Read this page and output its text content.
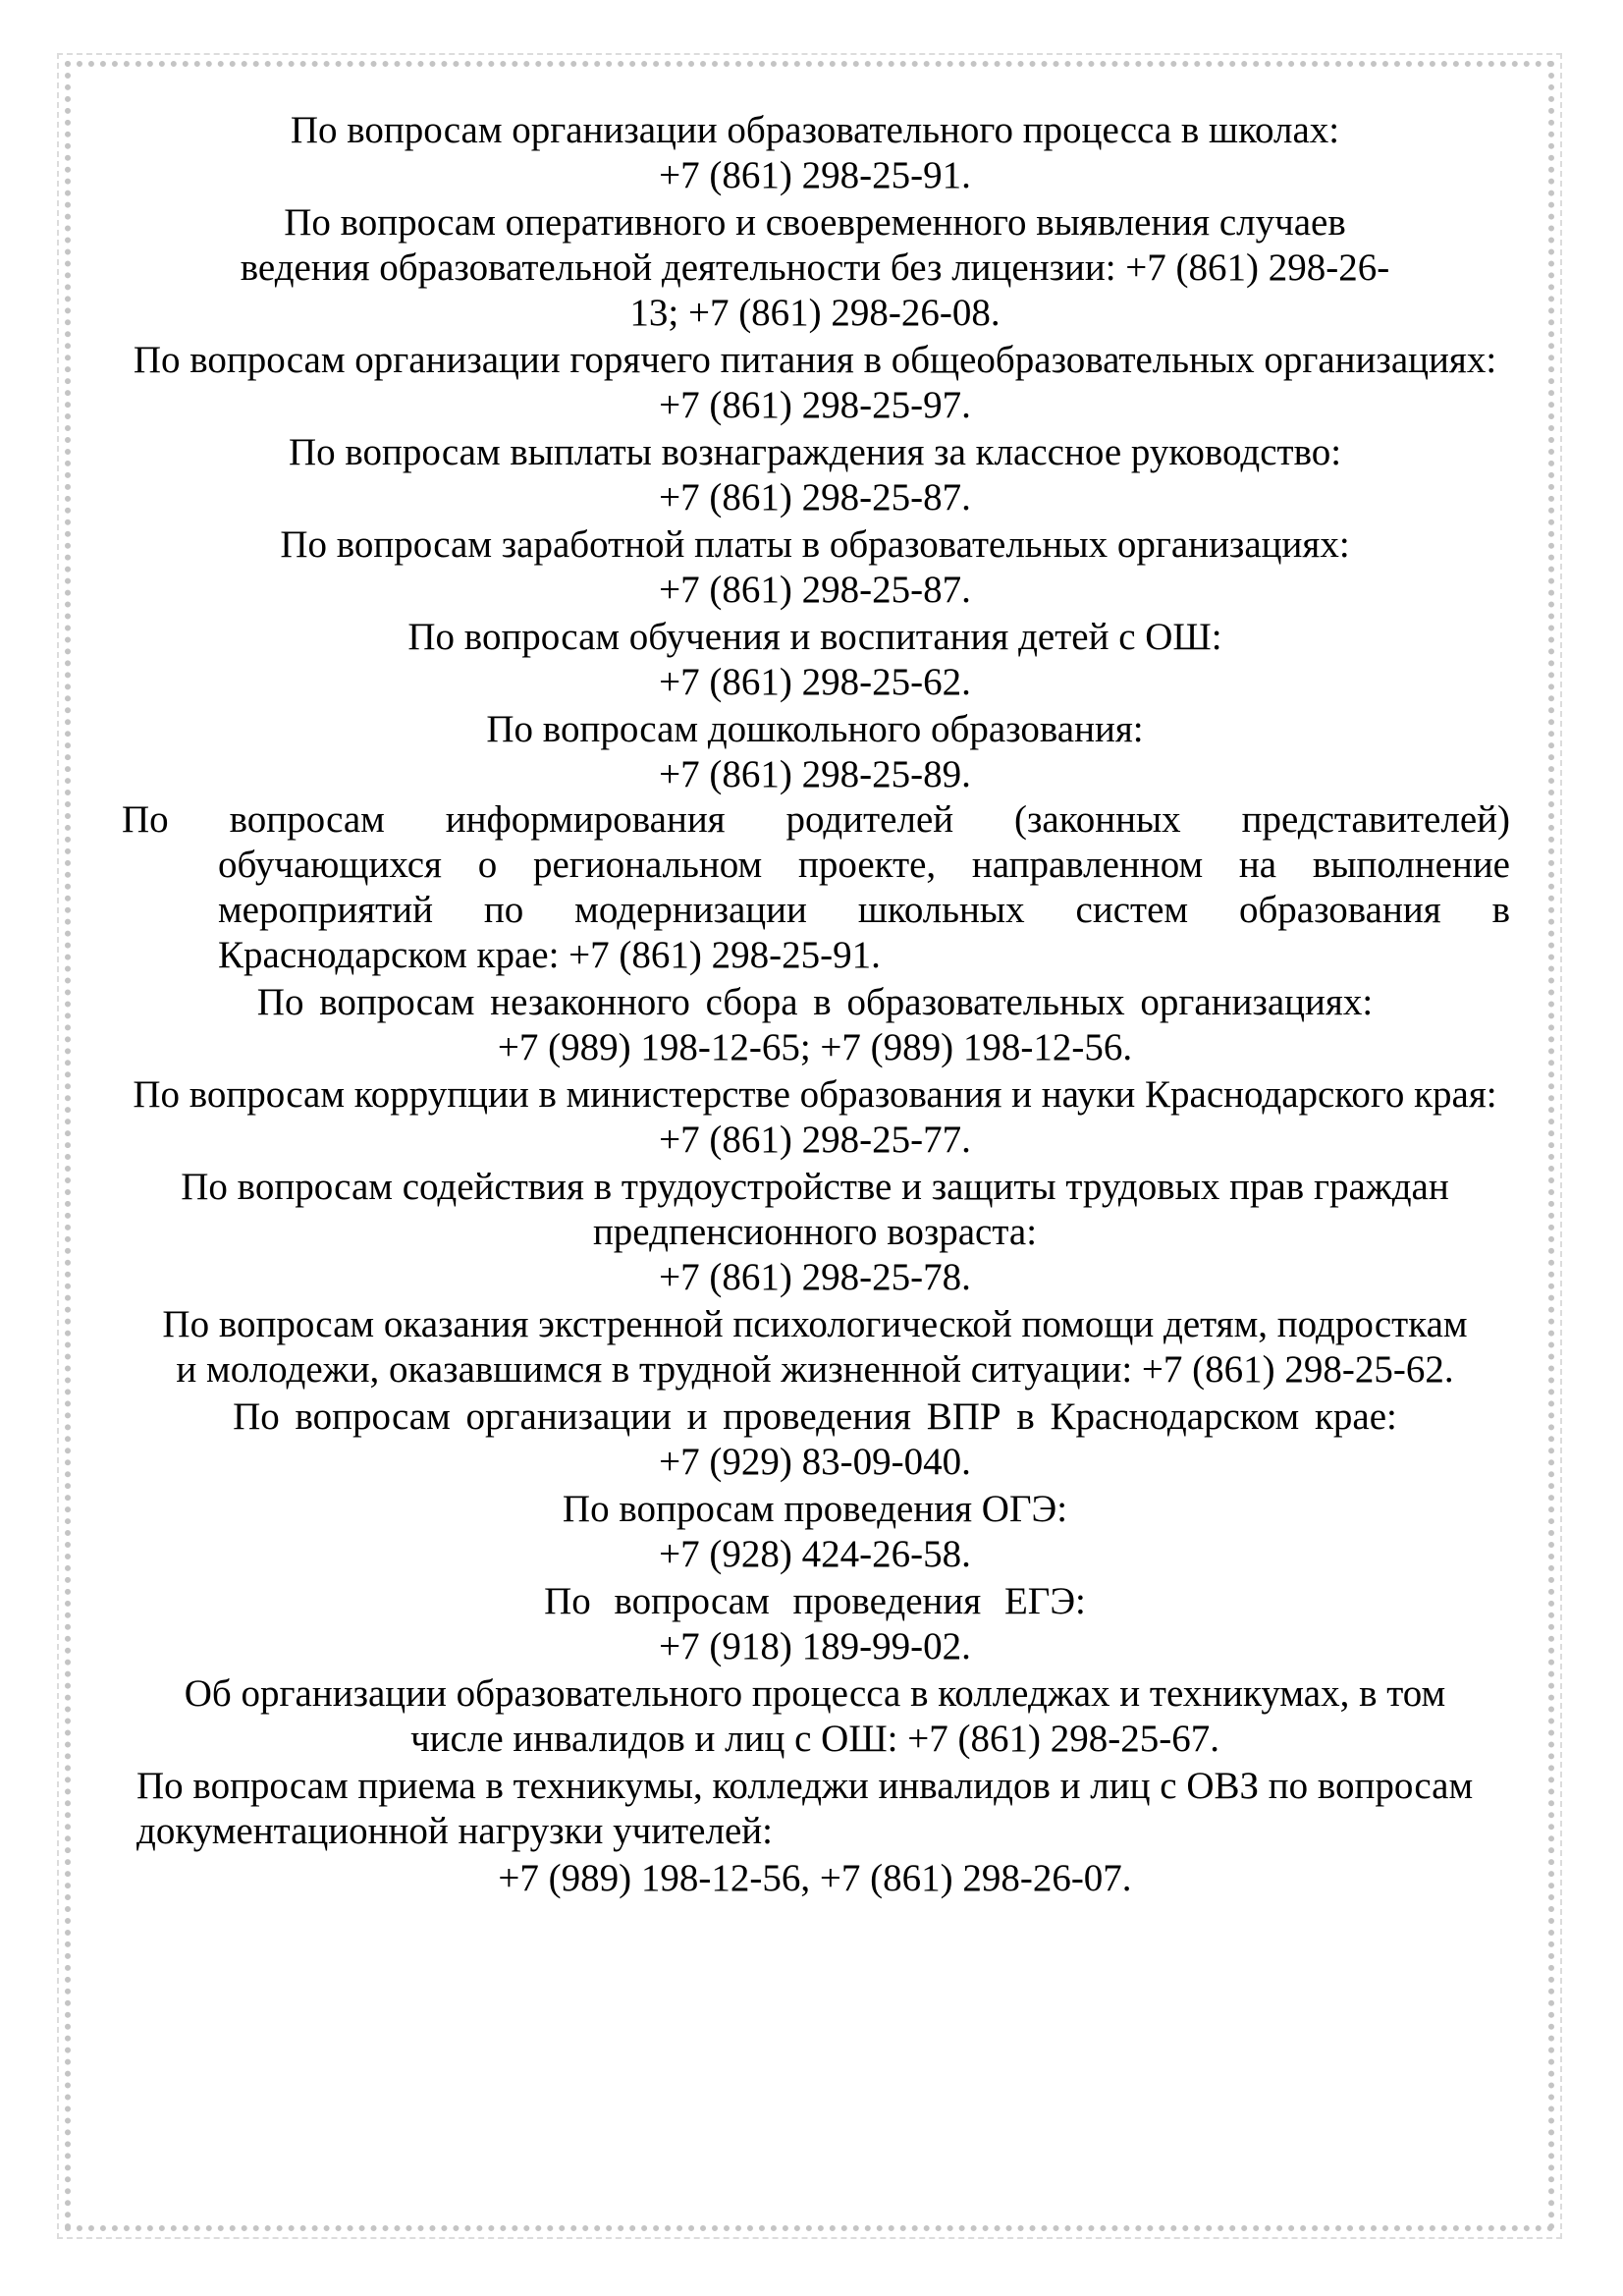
По вопросам организации образовательного процесса в школах:
+7 (861) 298-25-91.
По вопросам оперативного и своевременного выявления случаев
ведения образовательной деятельности без лицензии: +7 (861) 298-26-
13; +7 (861) 298-26-08.
По вопросам организации горячего питания в общеобразовательных организациях:
+7 (861) 298-25-97.
По вопросам выплаты вознаграждения за классное руководство:
+7 (861) 298-25-87.
По вопросам заработной платы в образовательных организациях:
+7 (861) 298-25-87.
По вопросам обучения и воспитания детей с ОШ:
+7 (861) 298-25-62.
По вопросам дошкольного образования:
+7 (861) 298-25-89.
По вопросам информирования родителей (законных представителей)
обучающихся о региональном проекте, направленном на выполнение
мероприятий по модернизации школьных систем образования в
Краснодарском крае: +7 (861) 298-25-91.
По вопросам незаконного сбора в образовательных организациях:
+7 (989) 198-12-65; +7 (989) 198-12-56.
По вопросам коррупции в министерстве образования и науки Краснодарского края:
+7 (861) 298-25-77.
По вопросам содействия в трудоустройстве и защиты трудовых прав граждан
предпенсионного возраста:
+7 (861) 298-25-78.
По вопросам оказания экстренной психологической помощи детям, подросткам
и молодежи, оказавшимся в трудной жизненной ситуации: +7 (861) 298-25-62.
По вопросам организации и проведения ВПР в Краснодарском крае:
+7 (929) 83-09-040.
По вопросам проведения ОГЭ:
+7 (928) 424-26-58.
По вопросам проведения ЕГЭ:
+7 (918) 189-99-02.
Об организации образовательного процесса в колледжах и техникумах, в том
числе инвалидов и лиц с ОШ: +7 (861) 298-25-67.
По вопросам приема в техникумы, колледжи инвалидов и лиц с ОВЗ по вопросам
документационной нагрузки учителей:
+7 (989) 198-12-56, +7 (861) 298-26-07.
